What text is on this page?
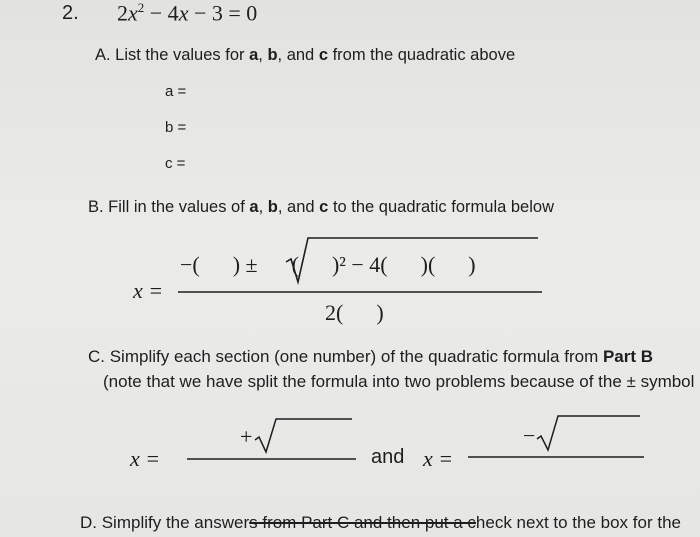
2. $2x^2 - 4x - 3 = 0$
A. List the values for a, b, and c from the quadratic above
a =
b =
c =
B. Fill in the values of a, b, and c to the quadratic formula below
x =
−(      ) ± (      )² − 4(      )(      )
2(      )
C. Simplify each section (one number) of the quadratic formula from Part B
(note that we have split the formula into two problems because of the ± symbol
x =
+
and x =
−
D. Simplify the answers from Part C and then put a check next to the box for the
